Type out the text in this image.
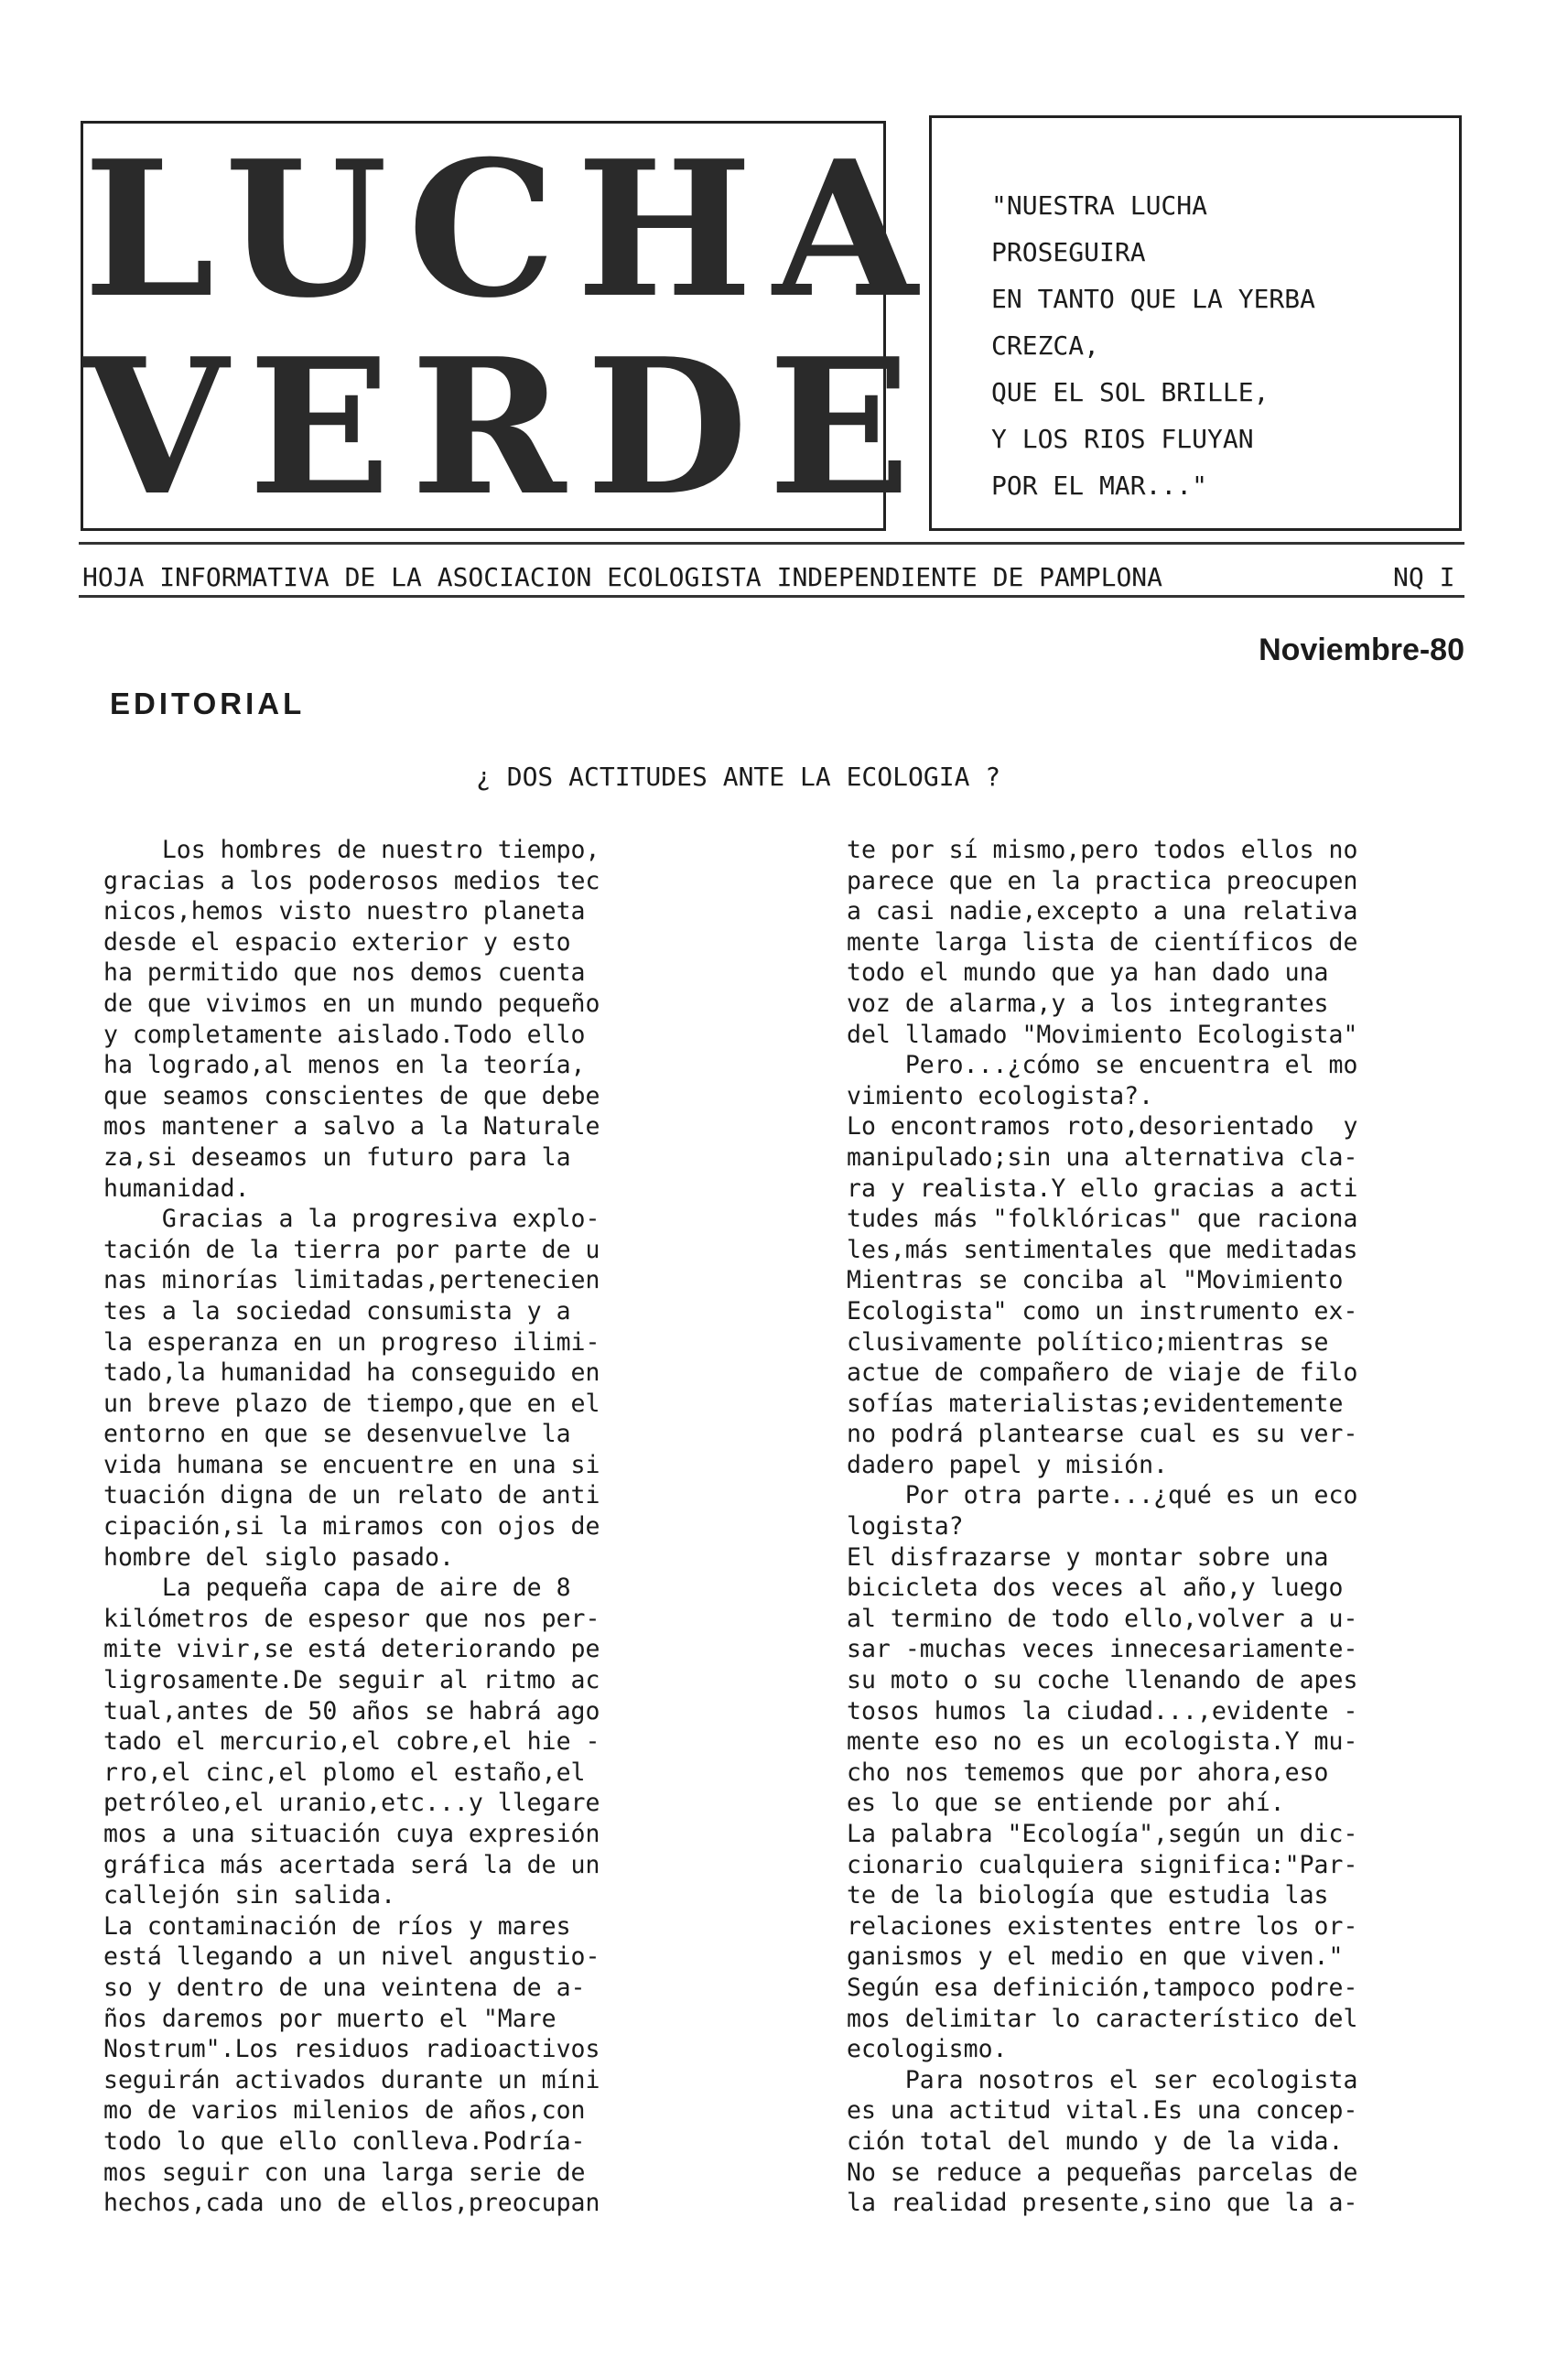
LUCHA
VERDE
"NUESTRA LUCHA
PROSEGUIRA
EN TANTO QUE LA YERBA
CREZCA,
QUE EL SOL BRILLE,
Y LOS RIOS FLUYAN
POR EL MAR..."
HOJA INFORMATIVA DE LA ASOCIACION ECOLOGISTA INDEPENDIENTE DE PAMPLONA	NQ I
Noviembre-80
EDITORIAL
¿ DOS ACTITUDES ANTE LA ECOLOGIA ?
Los hombres de nuestro tiempo,
gracias a los poderosos medios tec
nicos,hemos visto nuestro planeta
desde el espacio exterior y esto
ha permitido que nos demos cuenta
de que vivimos en un mundo pequeño
y completamente aislado.Todo ello
ha logrado,al menos en la teoría,
que seamos conscientes de que debe
mos mantener a salvo a la Naturale
za,si deseamos un futuro para la
humanidad.
Gracias a la progresiva explo-
tación de la tierra por parte de u
nas minorías limitadas,pertenecien
tes a la sociedad consumista y a
la esperanza en un progreso ilimi-
tado,la humanidad ha conseguido en
un breve plazo de tiempo,que en el
entorno en que se desenvuelve la
vida humana se encuentre en una si
tuación digna de un relato de anti
cipación,si la miramos con ojos de
hombre del siglo pasado.
La pequeña capa de aire de 8
kilómetros de espesor que nos per-
mite vivir,se está deteriorando pe
ligrosamente.De seguir al ritmo ac
tual,antes de 50 años se habrá ago
tado el mercurio,el cobre,el hie -
rro,el cinc,el plomo el estaño,el
petróleo,el uranio,etc...y llegare
mos a una situación cuya expresión
gráfica más acertada será la de un
callejón sin salida.
La contaminación de ríos y mares
está llegando a un nivel angustio-
so y dentro de una veintena de a-
ños daremos por muerto el "Mare
Nostrum".Los residuos radioactivos
seguirán activados durante un míni
mo de varios milenios de años,con
todo lo que ello conlleva.Podría-
mos seguir con una larga serie de
hechos,cada uno de ellos,preocupan
te por sí mismo,pero todos ellos no
parece que en la practica preocupen
a casi nadie,excepto a una relativa
mente larga lista de científicos de
todo el mundo que ya han dado una
voz de alarma,y a los integrantes
del llamado "Movimiento Ecologista"
Pero...¿cómo se encuentra el mo
vimiento ecologista?.
Lo encontramos roto,desorientado  y
manipulado;sin una alternativa cla-
ra y realista.Y ello gracias a acti
tudes más "folklóricas" que raciona
les,más sentimentales que meditadas
Mientras se conciba al "Movimiento
Ecologista" como un instrumento ex-
clusivamente político;mientras se
actue de compañero de viaje de filo
sofías materialistas;evidentemente
no podrá plantearse cual es su ver-
dadero papel y misión.
Por otra parte...¿qué es un eco
logista?
El disfrazarse y montar sobre una
bicicleta dos veces al año,y luego
al termino de todo ello,volver a u-
sar -muchas veces innecesariamente-
su moto o su coche llenando de apes
tosos humos la ciudad...,evidente -
mente eso no es un ecologista.Y mu-
cho nos tememos que por ahora,eso
es lo que se entiende por ahí.
La palabra "Ecología",según un dic-
cionario cualquiera significa:"Par-
te de la biología que estudia las
relaciones existentes entre los or-
ganismos y el medio en que viven."
Según esa definición,tampoco podre-
mos delimitar lo característico del
ecologismo.
Para nosotros el ser ecologista
es una actitud vital.Es una concep-
ción total del mundo y de la vida.
No se reduce a pequeñas parcelas de
la realidad presente,sino que la a-
